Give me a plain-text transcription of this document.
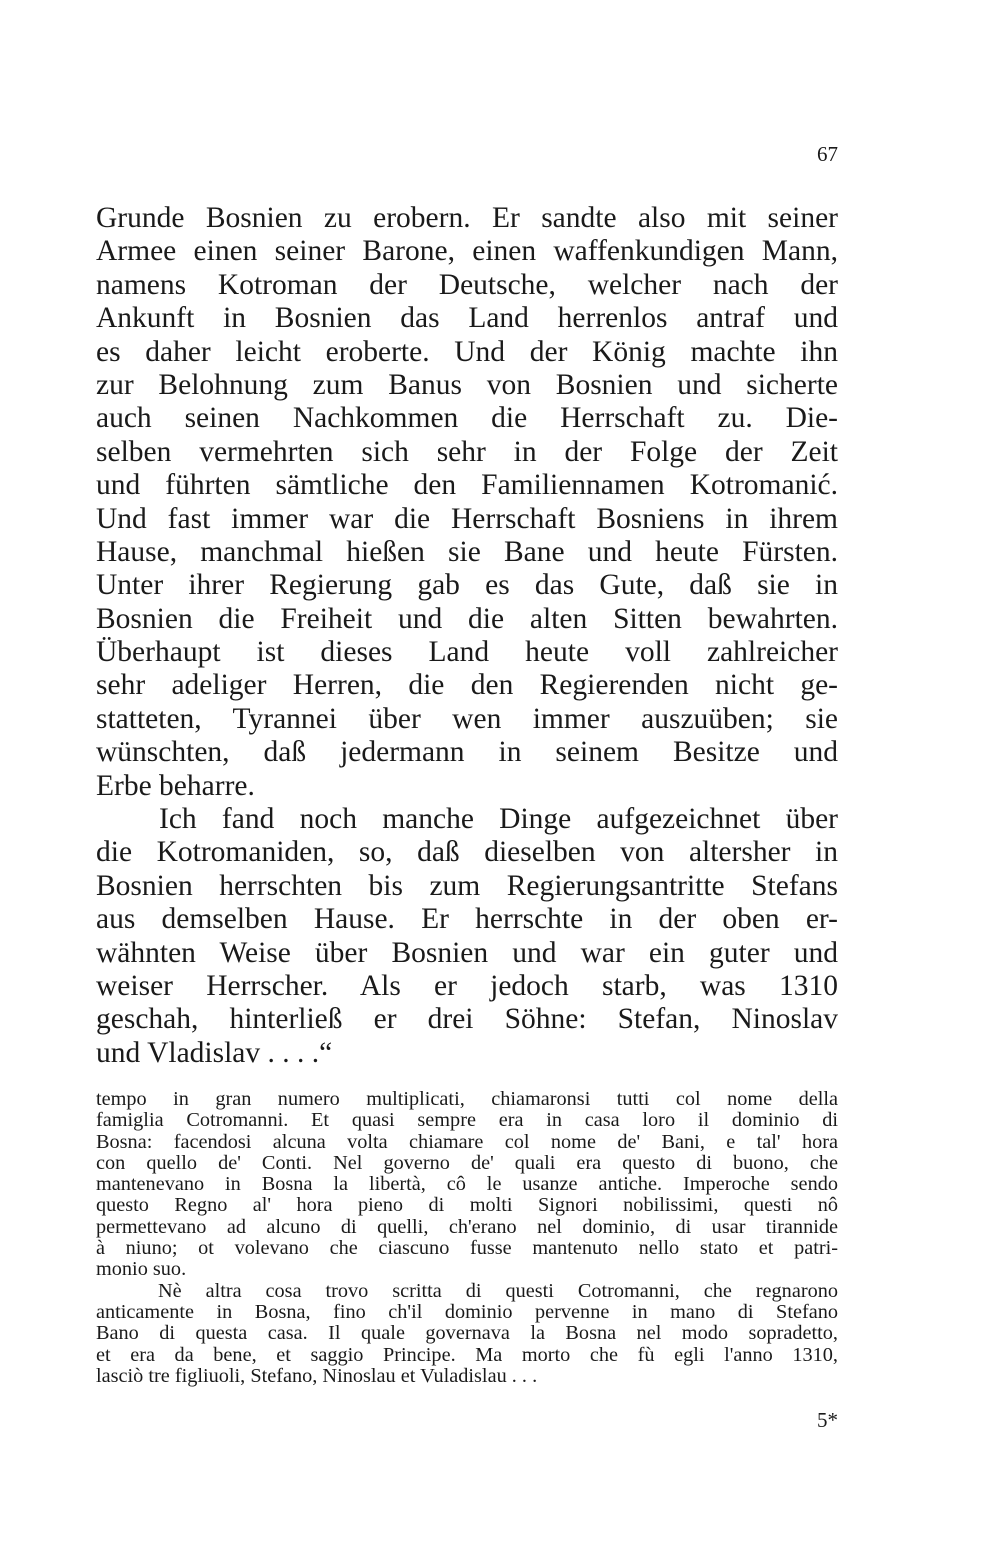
67
Grunde Bosnien zu erobern. Er sandte also mit seiner
Armee einen seiner Barone, einen waffenkundigen Mann,
namens Kotroman der Deutsche, welcher nach der
Ankunft in Bosnien das Land herrenlos antraf und
es daher leicht eroberte. Und der König machte ihn
zur Belohnung zum Banus von Bosnien und sicherte
auch seinen Nachkommen die Herrschaft zu. Die-
selben vermehrten sich sehr in der Folge der Zeit
und führten sämtliche den Familiennamen Kotromanić.
Und fast immer war die Herrschaft Bosniens in ihrem
Hause, manchmal hießen sie Bane und heute Fürsten.
Unter ihrer Regierung gab es das Gute, daß sie in
Bosnien die Freiheit und die alten Sitten bewahrten.
Überhaupt ist dieses Land heute voll zahlreicher
sehr adeliger Herren, die den Regierenden nicht ge-
statteten, Tyrannei über wen immer auszuüben; sie
wünschten, daß jedermann in seinem Besitze und
Erbe beharre.
Ich fand noch manche Dinge aufgezeichnet über
die Kotromaniden, so, daß dieselben von altersher in
Bosnien herrschten bis zum Regierungsantritte Stefans
aus demselben Hause. Er herrschte in der oben er-
wähnten Weise über Bosnien und war ein guter und
weiser Herrscher. Als er jedoch starb, was 1310
geschah, hinterließ er drei Söhne: Stefan, Ninoslav
und Vladislav . . . .“
tempo in gran numero multiplicati, chiamaronsi tutti col nome della
famiglia Cotromanni. Et quasi sempre era in casa loro il dominio di
Bosna: facendosi alcuna volta chiamare col nome de' Bani, e tal' hora
con quello de' Conti. Nel governo de' quali era questo di buono, che
mantenevano in Bosna la libertà, cô le usanze antiche. Imperoche sendo
questo Regno al' hora pieno di molti Signori nobilissimi, questi nô
permettevano ad alcuno di quelli, ch'erano nel dominio, di usar tirannide
à niuno; ot volevano che ciascuno fusse mantenuto nello stato et patri-
monio suo.
Nè altra cosa trovo scritta di questi Cotromanni, che regnarono
anticamente in Bosna, fino ch'il dominio pervenne in mano di Stefano
Bano di questa casa. Il quale governava la Bosna nel modo sopradetto,
et era da bene, et saggio Principe. Ma morto che fù egli l'anno 1310,
lasciò tre figliuoli, Stefano, Ninoslau et Vuladislau . . .
5*
